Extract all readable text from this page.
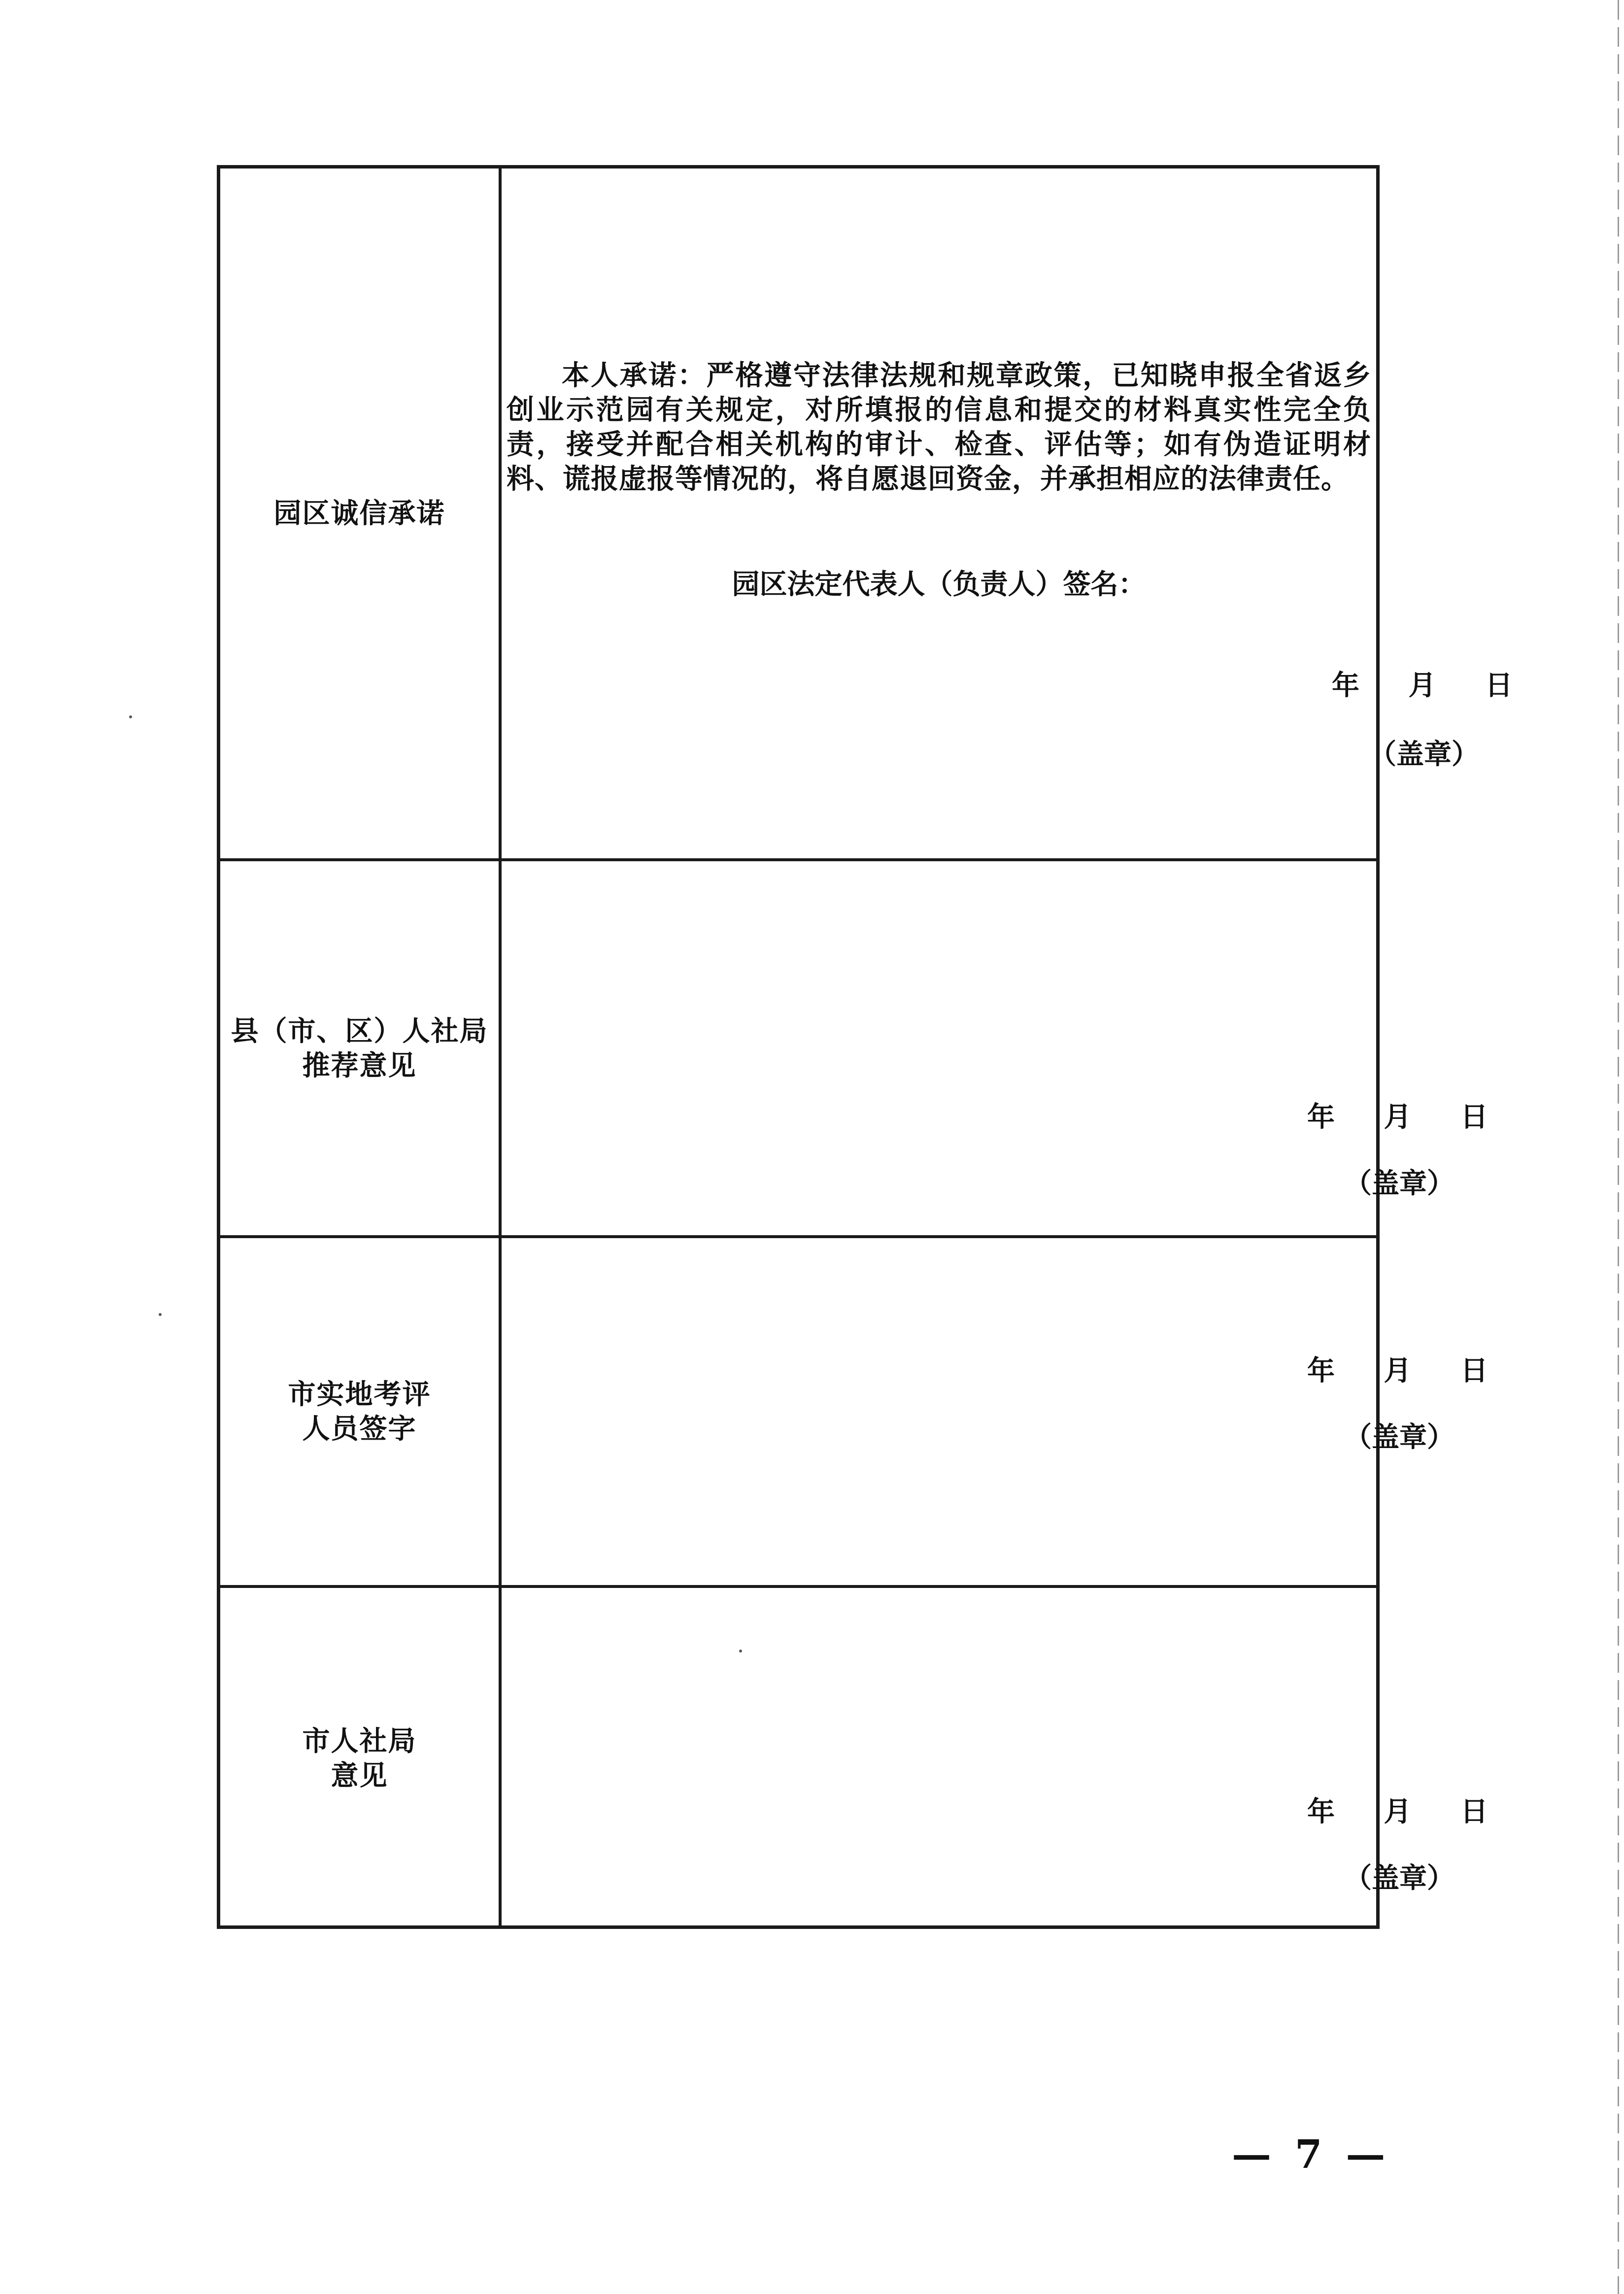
园区诚信承诺
本人承诺：严格遵守法律法规和规章政策，已知晓申报全省返乡创业示范园有关规定，对所填报的信息和提交的材料真实性完全负责，接受并配合相关机构的审计、检查、评估等；如有伪造证明材料、谎报虚报等情况的，将自愿退回资金，并承担相应的法律责任。
园区法定代表人（负责人）签名：
年 月 日
（盖章）
县（市、区）人社局
推荐意见
年 月 日
（盖章）
市实地考评
人员签字
年 月 日
（盖章）
市人社局
意见
年 月 日
（盖章）
— 7 —
